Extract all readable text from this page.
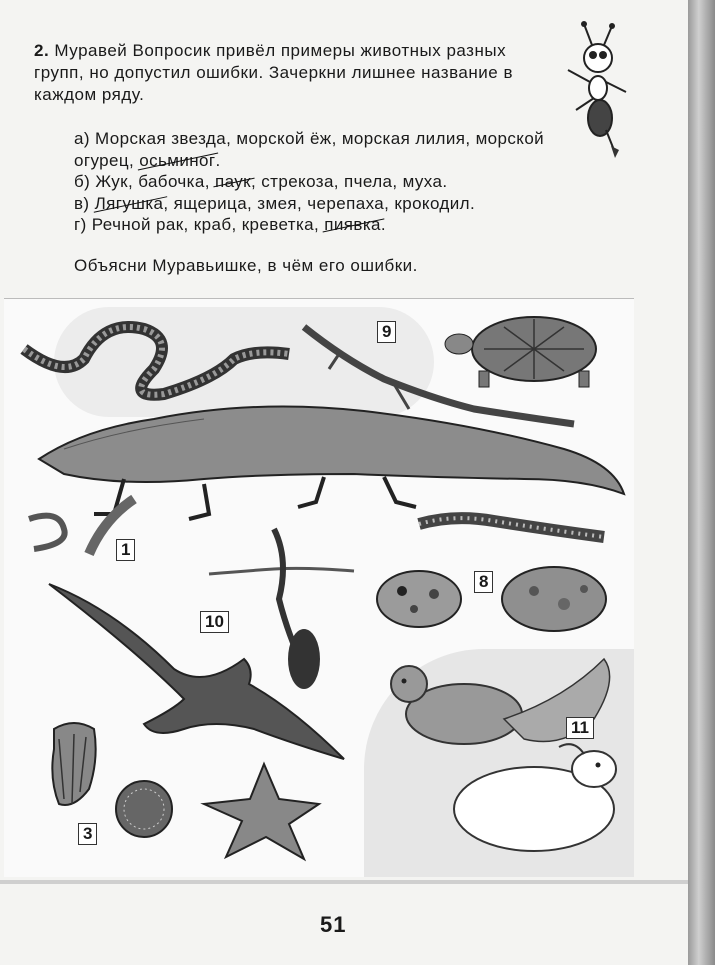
2. Муравей Вопросик привёл примеры животных разных групп, но допустил ошибки. Зачеркни лишнее название в каждом ряду.

а) Морская звезда, морской ёж, морская лилия, морской огурец, осьминог.
б) Жук, бабочка, паук, стрекоза, пчела, муха.
в) Лягушка, ящерица, змея, черепаха, крокодил.
г) Речной рак, краб, креветка, пиявка.
Объясни Муравьишке, в чём его ошибки.
9
1
8
10
11
3
51
